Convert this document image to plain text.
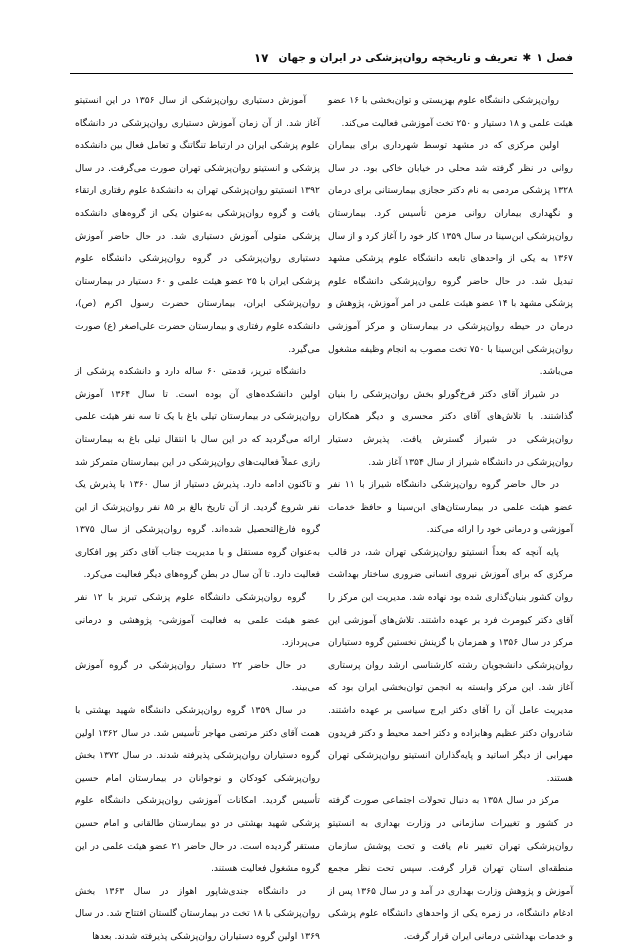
فصل ۱
✱
تعریف و تاریخچه روان‌پزشکی در ایران و جهان
۱۷

روان‌پزشکی دانشگاه علوم بهزیستی و توان‌بخشی با ۱۶ عضو هیئت علمی و ۱۸ دستیار و ۲۵۰ تخت آموزشی فعالیت می‌کند.

اولین مرکزی که در مشهد توسط شهرداری برای بیماران روانی در نظر گرفته شد محلی در خیابان خاکی بود. در سال ۱۳۲۸ پزشکی مردمی به نام دکتر حجازی بیمارستانی برای درمان و نگهداری بیماران روانی مزمن تأسیس کرد. بیمارستان روان‌پزشکی ابن‌سینا در سال ۱۳۵۹ کار خود را آغاز کرد و از سال ۱۳۶۷ به یکی از واحدهای تابعه دانشگاه علوم پزشکی مشهد تبدیل شد. در حال حاضر گروه روان‌پزشکی دانشگاه علوم پزشکی مشهد با ۱۴ عضو هیئت علمی در امر آموزش، پژوهش و درمان در حیطه روان‌پزشکی در بیمارستان و مرکز آموزشی روان‌پزشکی ابن‌سینا با ۷۵۰ تخت مصوب به انجام وظیفه مشغول می‌باشد.

در شیراز آقای دکتر فرخ‌گورلو بخش روان‌پزشکی را بنیان گذاشتند. با تلاش‌های آقای دکتر محسری و دیگر همکاران روان‌پزشکی در شیراز گسترش یافت. پذیرش دستیار روان‌پزشکی در دانشگاه شیراز از سال ۱۳۵۴ آغاز شد.

در حال حاضر گروه روان‌پزشکی دانشگاه شیراز با ۱۱ نفر عضو هیئت علمی در بیمارستان‌های ابن‌سینا و حافظ خدمات آموزشی و درمانی خود را ارائه می‌کند.

پایه آنچه که بعداً انستیتو روان‌پزشکی تهران شد، در قالب مرکزی که برای آموزش نیروی انسانی ضروری ساختار بهداشت روان کشور بنیان‌گذاری شده بود نهاده شد. مدیریت این مرکز را آقای دکتر کیومرث فرد بر عهده داشتند. تلاش‌های آموزشی این مرکز در سال ۱۳۵۶ و همزمان با گزینش نخستین گروه دستیاران روان‌پزشکی دانشجویان رشته کارشناسی ارشد روان پرستاری آغاز شد. این مرکز وابسته به انجمن توان‌بخشی ایران بود که مدیریت عامل آن را آقای دکتر ایرج سیاسی بر عهده داشتند. شادروان دکتر عظیم وهابزاده و دکتر احمد محیط و دکتر فریدون مهرابی از دیگر اساتید و پایه‌گذاران انستیتو روان‌پزشکی تهران هستند.

مرکز در سال ۱۳۵۸ به دنبال تحولات اجتماعی صورت گرفته در کشور و تغییرات سازمانی در وزارت بهداری به انستیتو روان‌پزشکی تهران تغییر نام یافت و تحت پوشش سازمان منطقه‌ای استان تهران قرار گرفت. سپس تحت نظر مجمع آموزش و پژوهش وزارت بهداری در آمد و در سال ۱۳۶۵ پس از ادغام دانشگاه، در زمره یکی از واحدهای دانشگاه علوم پزشکی و خدمات بهداشتی درمانی ایران قرار گرفت.

آموزش دستیاری روان‌پزشکی از سال ۱۳۵۶ در این انستیتو آغاز شد. از آن زمان آموزش دستیاری روان‌پزشکی در دانشگاه علوم پزشکی ایران در ارتباط تنگاتنگ و تعامل فعال بین دانشکده پزشکی و انستیتو روان‌پزشکی تهران صورت می‌گرفت. در سال ۱۳۹۲ انستیتو روان‌پزشکی تهران به دانشکدهٔ علوم رفتاری ارتقاء یافت و گروه روان‌پزشکی به‌عنوان یکی از گروه‌های دانشکده پزشکی متولی آموزش دستیاری شد. در حال حاضر آموزش دستیاری روان‌پزشکی در گروه روان‌پزشکی دانشگاه علوم پزشکی ایران با ۲۵ عضو هیئت علمی و ۶۰ دستیار در بیمارستان روان‌پزشکی ایران، بیمارستان حضرت رسول اکرم (ص)، دانشکده علوم رفتاری و بیمارستان حضرت علی‌اصغر (ع) صورت می‌گیرد.

دانشگاه تبریز، قدمتی ۶۰ ساله دارد و دانشکده پزشکی از اولین دانشکده‌های آن بوده است. تا سال ۱۳۶۴ آموزش روان‌پزشکی در بیمارستان تیلی باغ با یک تا سه نفر هیئت علمی ارائه می‌گردید که در این سال با انتقال تیلی باغ به بیمارستان رازی عملاً فعالیت‌های روان‌پزشکی در این بیمارستان متمرکز شد و تاکنون ادامه دارد. پذیرش دستیار از سال ۱۳۶۰ با پذیرش یک نفر شروع گردید. از آن تاریخ بالغ بر ۸۵ نفر روان‌پزشک از این گروه فارغ‌التحصیل شده‌اند. گروه روان‌پزشکی از سال ۱۳۷۵ به‌عنوان گروه مستقل و با مدیریت جناب آقای دکتر پور افکاری فعالیت دارد. تا آن سال در بطن گروه‌های دیگر فعالیت می‌کرد.

گروه روان‌پزشکی دانشگاه علوم پزشکی تبریز با ۱۲ نفر عضو هیئت علمی به فعالیت آموزشی- پژوهشی و درمانی می‌پردازد.

در حال حاضر ۲۲ دستیار روان‌پزشکی در گروه آموزش می‌بیند.

در سال ۱۳۵۹ گروه روان‌پزشکی دانشگاه شهید بهشتی با همت آقای دکتر مرتضی مهاجر تأسیس شد. در سال ۱۳۶۲ اولین گروه دستیاران روان‌پزشکی پذیرفته شدند. در سال ۱۳۷۲ بخش روان‌پزشکی کودکان و نوجوانان در بیمارستان امام حسین تأسیس گردید. امکانات آموزشی روان‌پزشکی دانشگاه علوم پزشکی شهید بهشتی در دو بیمارستان طالقانی و امام حسین مستقر گردیده است. در حال حاضر ۲۱ عضو هیئت علمی در این گروه مشغول فعالیت هستند.

در دانشگاه جندی‌شاپور اهواز در سال ۱۳۶۳ بخش روان‌پزشکی با ۱۸ تخت در بیمارستان گلستان افتتاح شد. در سال ۱۳۶۹ اولین گروه دستیاران روان‌پزشکی پذیرفته شدند. بعدها
